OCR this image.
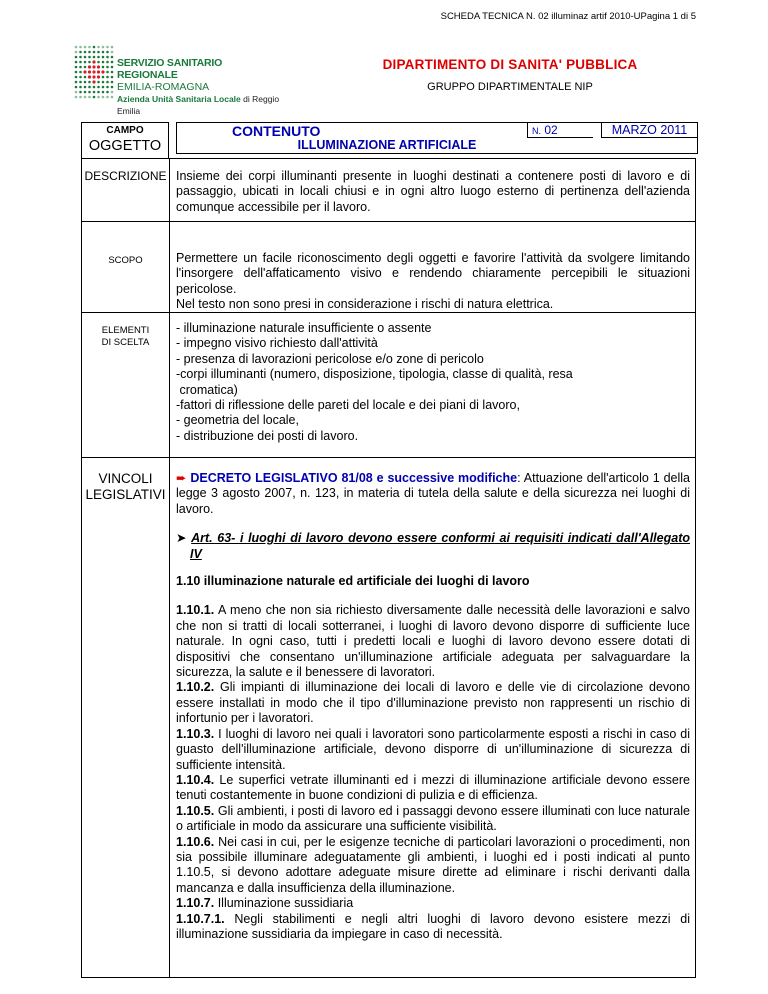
SCHEDA TECNICA N. 02 illuminaz artif 2010-UPagina 1 di 5
SERVIZIO SANITARIO REGIONALE
EMILIA-ROMAGNA
Azienda Unità Sanitaria Locale di Reggio Emilia
DIPARTIMENTO DI SANITA' PUBBLICA
GRUPPO DIPARTIMENTALE NIP
CAMPO
OGGETTO
CONTENUTO	N. 02	MARZO 2011
ILLUMINAZIONE ARTIFICIALE
DESCRIZIONE Insieme dei corpi illuminanti presente in luoghi destinati a contenere posti di lavoro e di passaggio, ubicati in locali chiusi e in ogni altro luogo esterno di pertinenza dell'azienda comunque accessibile per il lavoro.

SCOPO	Permettere un facile riconoscimento degli oggetti e favorire l'attività da svolgere limitando l'insorgere dell'affaticamento visivo e rendendo chiaramente percepibili le situazioni pericolose.

Nel testo non sono presi in considerazione i rischi di natura elettrica.

ELEMENTI
DI SCELTA

- illuminazione naturale insufficiente o assente

- impegno visivo richiesto dall'attività

- presenza di lavorazioni pericolose e/o zone di pericolo

-corpi illuminanti (numero, disposizione, tipologia, classe di qualità, resa

cromatica)

-fattori di riflessione delle pareti del locale e dei piani di lavoro,

- geometria del locale,

- distribuzione dei posti di lavoro.

VINCOLI
LEGISLATIVI

➨ DECRETO LEGISLATIVO 81/08 e successive modifiche: Attuazione dell'articolo 1 della legge 3 agosto 2007, n. 123, in materia di tutela della salute e della sicurezza nei luoghi di lavoro.

➤ Art. 63- i luoghi di lavoro devono essere conformi ai requisiti indicati dall'Allegato IV

1.10 illuminazione naturale ed artificiale dei luoghi di lavoro

1.10.1. A meno che non sia richiesto diversamente dalle necessità delle lavorazioni e salvo che non si tratti di locali sotterranei, i luoghi di lavoro devono disporre di sufficiente luce naturale. In ogni caso, tutti i predetti locali e luoghi di lavoro devono essere dotati di dispositivi che consentano un'illuminazione artificiale adeguata per salvaguardare la sicurezza, la salute e il benessere di lavoratori.

1.10.2. Gli impianti di illuminazione dei locali di lavoro e delle vie di circolazione devono essere installati in modo che il tipo d'illuminazione previsto non rappresenti un rischio di infortunio per i lavoratori.

1.10.3. I luoghi di lavoro nei quali i lavoratori sono particolarmente esposti a rischi in caso di guasto dell'illuminazione artificiale, devono disporre di un'illuminazione di sicurezza di sufficiente intensità.

1.10.4. Le superfici vetrate illuminanti ed i mezzi di illuminazione artificiale devono essere tenuti costantemente in buone condizioni di pulizia e di efficienza.

1.10.5. Gli ambienti, i posti di lavoro ed i passaggi devono essere illuminati con luce naturale o artificiale in modo da assicurare una sufficiente visibilità.

1.10.6. Nei casi in cui, per le esigenze tecniche di particolari lavorazioni o procedimenti, non sia possibile illuminare adeguatamente gli ambienti, i luoghi ed i posti indicati al punto 1.10.5, si devono adottare adeguate misure dirette ad eliminare i rischi derivanti dalla mancanza e dalla insufficienza della illuminazione.

1.10.7. Illuminazione sussidiaria

1.10.7.1. Negli stabilimenti e negli altri luoghi di lavoro devono esistere mezzi di illuminazione sussidiaria da impiegare in caso di necessità.
